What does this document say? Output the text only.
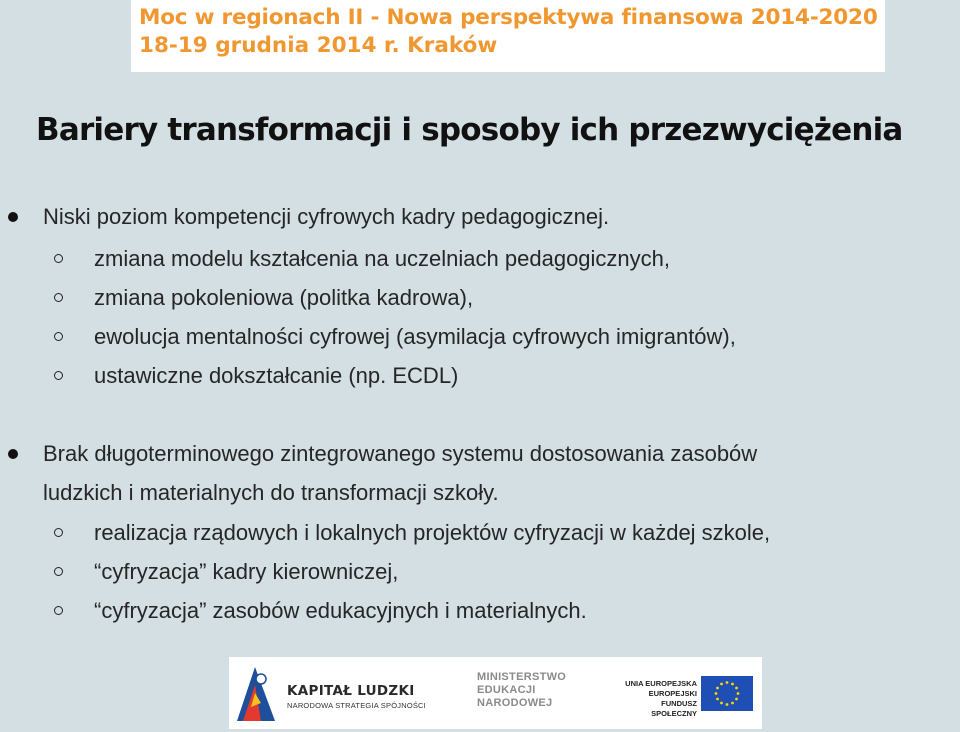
Moc w regionach II - Nowa perspektywa finansowa 2014-2020
18-19 grudnia 2014 r. Kraków
Bariery transformacji i sposoby ich przezwyciężenia
Niski poziom kompetencji cyfrowych kadry pedagogicznej.
zmiana modelu kształcenia na uczelniach pedagogicznych,
zmiana pokoleniowa (politka kadrowa),
ewolucja mentalności cyfrowej (asymilacja cyfrowych imigrantów),
ustawiczne dokształcanie (np. ECDL)
Brak długoterminowego zintegrowanego systemu dostosowania zasobów
ludzkich i materialnych do transformacji szkoły.
realizacja rządowych i lokalnych projektów cyfryzacji w każdej szkole,
“cyfryzacja” kadry kierowniczej,
“cyfryzacja” zasobów edukacyjnych i materialnych.
KAPITAŁ LUDZKI
NARODOWA STRATEGIA SPÓJNOŚCI
MINISTERSTWO
EDUKACJI
NARODOWEJ
UNIA EUROPEJSKA
EUROPEJSKI
FUNDUSZ SPOŁECZNY
